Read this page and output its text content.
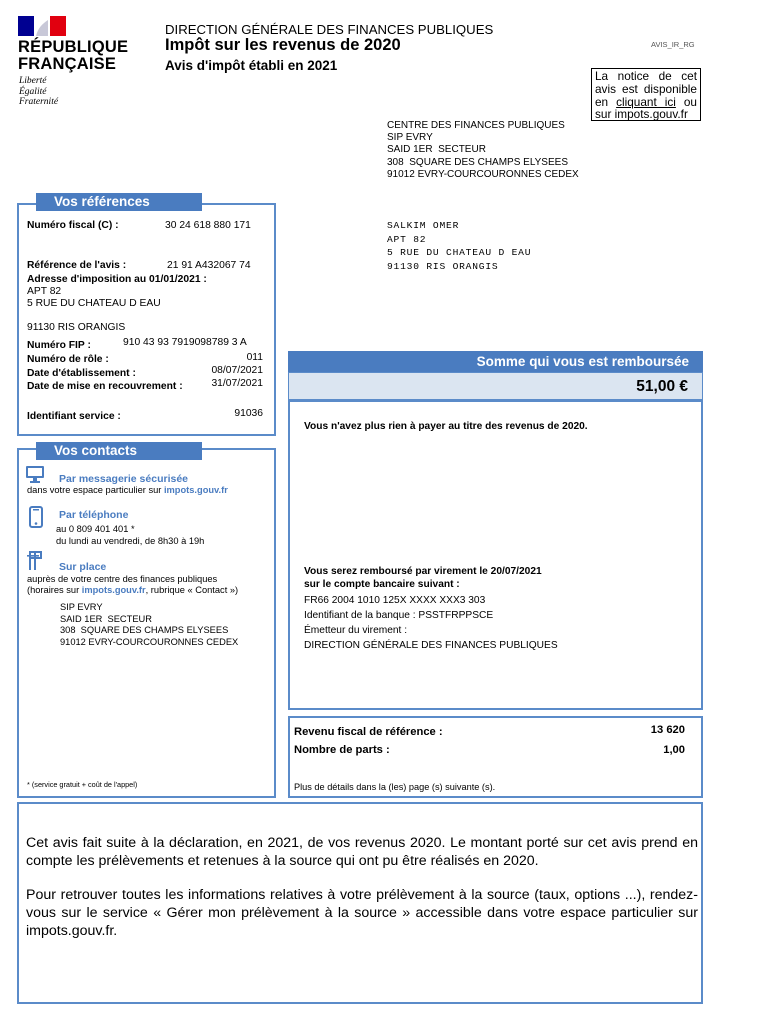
RÉPUBLIQUE
FRANÇAISE
Liberté
Égalité
Fraternité
DIRECTION GÉNÉRALE DES FINANCES PUBLIQUES
Impôt sur les revenus de 2020
Avis d'impôt établi en 2021
AVIS_IR_RG
La notice de cet avis est disponible en cliquant ici ou sur impots.gouv.fr
CENTRE DES FINANCES PUBLIQUES
SIP EVRY
SAID 1ER  SECTEUR
308  SQUARE DES CHAMPS ELYSEES
91012 EVRY-COURCOURONNES CEDEX
SALKIM OMER
APT 82
5 RUE DU CHATEAU D EAU
91130 RIS ORANGIS
Numéro fiscal (C) :	30 24 618 880 171
Référence de l'avis :	21 91 A432067 74
Adresse d'imposition au 01/01/2021 :
APT 82
5 RUE DU CHATEAU D EAU
91130 RIS ORANGIS
Numéro FIP :	910 43 93 7919098789 3 A
Numéro de rôle :	011
Date d'établissement :	08/07/2021
Date de mise en recouvrement :	31/07/2021
Identifiant service :	91036
Vos références
Par messagerie sécurisée
dans votre espace particulier sur impots.gouv.fr
Par téléphone
au 0 809 401 401 *
du lundi au vendredi, de 8h30 à 19h
Sur place
auprès de votre centre des finances publiques
(horaires sur impots.gouv.fr, rubrique « Contact »)
SIP EVRY
SAID 1ER  SECTEUR
308  SQUARE DES CHAMPS ELYSEES
91012 EVRY-COURCOURONNES CEDEX
* (service gratuit + coût de l'appel)
Vos contacts
Somme qui vous est remboursée
51,00 €
Vous n'avez plus rien à payer au titre des revenus de 2020.
Vous serez remboursé par virement le 20/07/2021
sur le compte bancaire suivant :
FR66 2004 1010 125X XXXX XXX3 303
Identifiant de la banque : PSSTFRPPSCE
Émetteur du virement :
DIRECTION GÉNÉRALE DES FINANCES PUBLIQUES
Revenu fiscal de référence :	13 620
Nombre de parts :	1,00
Plus de détails dans la (les) page (s) suivante (s).
Cet avis fait suite à la déclaration, en 2021, de vos revenus 2020. Le montant porté sur cet avis prend en compte les prélèvements et retenues à la source qui ont pu être réalisés en 2020.
Pour retrouver toutes les informations relatives à votre prélèvement à la source (taux, options ...), rendez-vous sur le service « Gérer mon prélèvement à la source » accessible dans votre espace particulier sur impots.gouv.fr.
